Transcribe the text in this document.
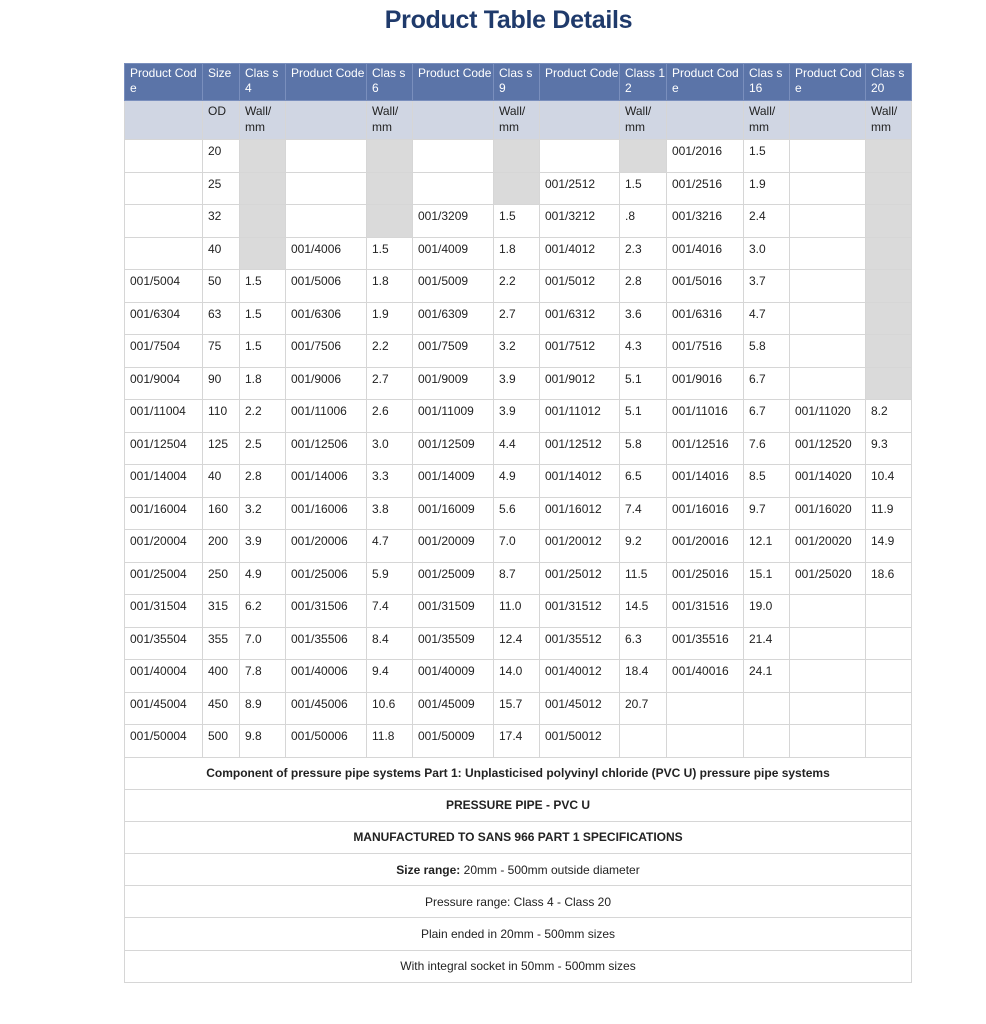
Product Table Details
Product Code	Size	Clas s 4	Product Code	Clas s 6	Product Code	Clas s 9	Product Code	Class 12	Product Code	Clas s 16	Product Code	Clas s 20
	OD	Wall/ mm		Wall/ mm		Wall/ mm		Wall/ mm		Wall/ mm		Wall/ mm
	20								001/2016	1.5		
	25						001/2512	1.5	001/2516	1.9		
	32				001/3209	1.5	001/3212	.8	001/3216	2.4		
	40		001/4006	1.5	001/4009	1.8	001/4012	2.3	001/4016	3.0		
001/5004	50	1.5	001/5006	1.8	001/5009	2.2	001/5012	2.8	001/5016	3.7		
001/6304	63	1.5	001/6306	1.9	001/6309	2.7	001/6312	3.6	001/6316	4.7		
001/7504	75	1.5	001/7506	2.2	001/7509	3.2	001/7512	4.3	001/7516	5.8		
001/9004	90	1.8	001/9006	2.7	001/9009	3.9	001/9012	5.1	001/9016	6.7		
001/11004	110	2.2	001/11006	2.6	001/11009	3.9	001/11012	5.1	001/11016	6.7	001/11020	8.2
001/12504	125	2.5	001/12506	3.0	001/12509	4.4	001/12512	5.8	001/12516	7.6	001/12520	9.3
001/14004	40	2.8	001/14006	3.3	001/14009	4.9	001/14012	6.5	001/14016	8.5	001/14020	10.4
001/16004	160	3.2	001/16006	3.8	001/16009	5.6	001/16012	7.4	001/16016	9.7	001/16020	11.9
001/20004	200	3.9	001/20006	4.7	001/20009	7.0	001/20012	9.2	001/20016	12.1	001/20020	14.9
001/25004	250	4.9	001/25006	5.9	001/25009	8.7	001/25012	11.5	001/25016	15.1	001/25020	18.6
001/31504	315	6.2	001/31506	7.4	001/31509	11.0	001/31512	14.5	001/31516	19.0		
001/35504	355	7.0	001/35506	8.4	001/35509	12.4	001/35512	6.3	001/35516	21.4		
001/40004	400	7.8	001/40006	9.4	001/40009	14.0	001/40012	18.4	001/40016	24.1		
001/45004	450	8.9	001/45006	10.6	001/45009	15.7	001/45012	20.7				
001/50004	500	9.8	001/50006	11.8	001/50009	17.4	001/50012					
Component of pressure pipe systems Part 1: Unplasticised polyvinyl chloride (PVC U) pressure pipe systems												
PRESSURE PIPE - PVC U												
MANUFACTURED TO SANS 966 PART 1 SPECIFICATIONS												
Size range: 20mm - 500mm outside diameter												
Pressure range: Class 4 - Class 20												
Plain ended in 20mm - 500mm sizes												
With integral socket in 50mm - 500mm sizes												
